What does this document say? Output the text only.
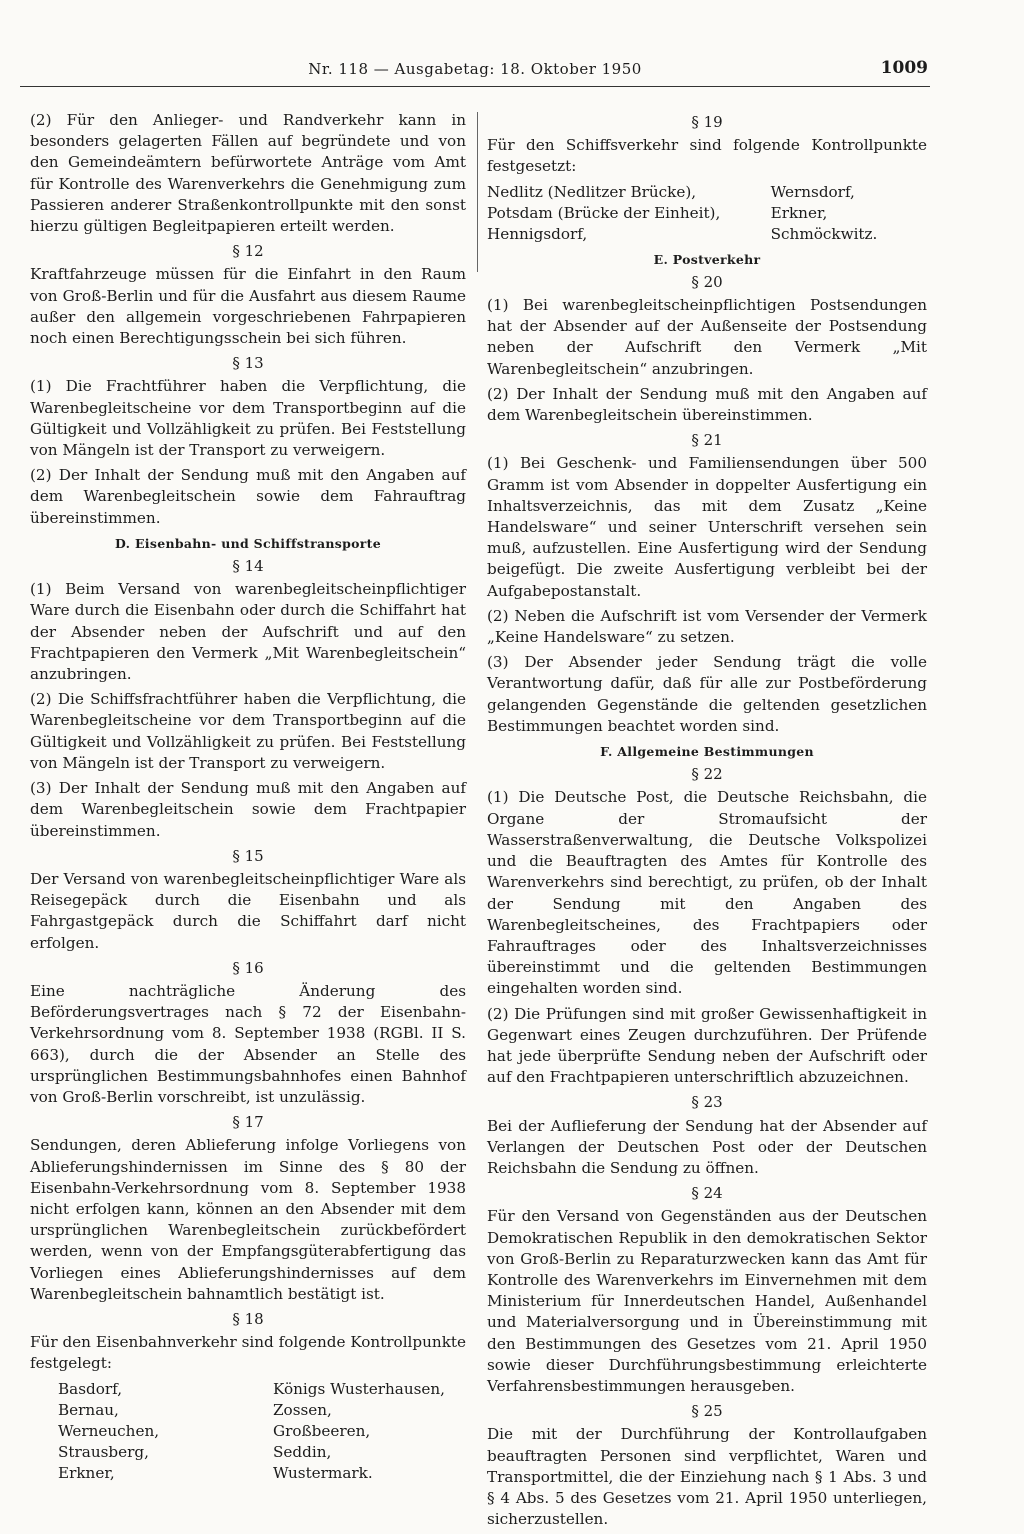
Nr. 118 — Ausgabetag: 18. Oktober 1950	1009

(2) Für den Anlieger- und Randverkehr kann in besonders gelagerten Fällen auf begründete und von den Gemeindeämtern befürwortete Anträge vom Amt für Kontrolle des Warenverkehrs die Genehmigung zum Passieren anderer Straßenkontrollpunkte mit den sonst hierzu gültigen Begleitpapieren erteilt werden.

§ 12

Kraftfahrzeuge müssen für die Einfahrt in den Raum von Groß-Berlin und für die Ausfahrt aus diesem Raume außer den allgemein vorgeschriebenen Fahrpapieren noch einen Berechtigungsschein bei sich führen.

§ 13

(1) Die Frachtführer haben die Verpflichtung, die Warenbegleitscheine vor dem Transportbeginn auf die Gültigkeit und Vollzähligkeit zu prüfen. Bei Feststellung von Mängeln ist der Transport zu verweigern.

(2) Der Inhalt der Sendung muß mit den Angaben auf dem Warenbegleitschein sowie dem Fahrauftrag übereinstimmen.

D. Eisenbahn- und Schiffstransporte
§ 14

(1) Beim Versand von warenbegleitscheinpflichtiger Ware durch die Eisenbahn oder durch die Schiffahrt hat der Absender neben der Aufschrift und auf den Frachtpapieren den Vermerk „Mit Warenbegleitschein“ anzubringen.

(2) Die Schiffsfrachtführer haben die Verpflichtung, die Warenbegleitscheine vor dem Transportbeginn auf die Gültigkeit und Vollzähligkeit zu prüfen. Bei Feststellung von Mängeln ist der Transport zu verweigern.

(3) Der Inhalt der Sendung muß mit den Angaben auf dem Warenbegleitschein sowie dem Frachtpapier übereinstimmen.

§ 15

Der Versand von warenbegleitscheinpflichtiger Ware als Reisegepäck durch die Eisenbahn und als Fahrgastgepäck durch die Schiffahrt darf nicht erfolgen.

§ 16

Eine nachträgliche Änderung des Beförderungsvertrages nach § 72 der Eisenbahn-Verkehrsordnung vom 8. September 1938 (RGBl. II S. 663), durch die der Absender an Stelle des ursprünglichen Bestimmungsbahnhofes einen Bahnhof von Groß-Berlin vorschreibt, ist unzulässig.

§ 17

Sendungen, deren Ablieferung infolge Vorliegens von Ablieferungshindernissen im Sinne des § 80 der Eisenbahn-Verkehrsordnung vom 8. September 1938 nicht erfolgen kann, können an den Absender mit dem ursprünglichen Warenbegleitschein zurückbefördert werden, wenn von der Empfangsgüterabfertigung das Vorliegen eines Ablieferungshindernisses auf dem Warenbegleitschein bahnamtlich bestätigt ist.

§ 18

Für den Eisenbahnverkehr sind folgende Kontrollpunkte festgelegt:

Basdorf,	Königs Wusterhausen,
Bernau,	Zossen,
Werneuchen,	Großbeeren,
Strausberg,	Seddin,
Erkner,	Wustermark.
§ 19

Für den Schiffsverkehr sind folgende Kontrollpunkte festgesetzt:

Nedlitz (Nedlitzer Brücke),	Wernsdorf,
Potsdam (Brücke der Einheit),	Erkner,
Hennigsdorf,	Schmöckwitz.
E. Postverkehr
§ 20

(1) Bei warenbegleitscheinpflichtigen Postsendungen hat der Absender auf der Außenseite der Postsendung neben der Aufschrift den Vermerk „Mit Warenbegleitschein“ anzubringen.

(2) Der Inhalt der Sendung muß mit den Angaben auf dem Warenbegleitschein übereinstimmen.

§ 21

(1) Bei Geschenk- und Familiensendungen über 500 Gramm ist vom Absender in doppelter Ausfertigung ein Inhaltsverzeichnis, das mit dem Zusatz „Keine Handelsware“ und seiner Unterschrift versehen sein muß, aufzustellen. Eine Ausfertigung wird der Sendung beigefügt. Die zweite Ausfertigung verbleibt bei der Aufgabepostanstalt.

(2) Neben die Aufschrift ist vom Versender der Vermerk „Keine Handelsware“ zu setzen.

(3) Der Absender jeder Sendung trägt die volle Verantwortung dafür, daß für alle zur Postbeförderung gelangenden Gegenstände die geltenden gesetzlichen Bestimmungen beachtet worden sind.

F. Allgemeine Bestimmungen
§ 22

(1) Die Deutsche Post, die Deutsche Reichsbahn, die Organe der Stromaufsicht der Wasserstraßenverwaltung, die Deutsche Volkspolizei und die Beauftragten des Amtes für Kontrolle des Warenverkehrs sind berechtigt, zu prüfen, ob der Inhalt der Sendung mit den Angaben des Warenbegleitscheines, des Frachtpapiers oder Fahrauftrages oder des Inhaltsverzeichnisses übereinstimmt und die geltenden Bestimmungen eingehalten worden sind.

(2) Die Prüfungen sind mit großer Gewissenhaftigkeit in Gegenwart eines Zeugen durchzuführen. Der Prüfende hat jede überprüfte Sendung neben der Aufschrift oder auf den Frachtpapieren unterschriftlich abzuzeichnen.

§ 23

Bei der Auflieferung der Sendung hat der Absender auf Verlangen der Deutschen Post oder der Deutschen Reichsbahn die Sendung zu öffnen.

§ 24

Für den Versand von Gegenständen aus der Deutschen Demokratischen Republik in den demokratischen Sektor von Groß-Berlin zu Reparaturzwecken kann das Amt für Kontrolle des Warenverkehrs im Einvernehmen mit dem Ministerium für Innerdeutschen Handel, Außenhandel und Materialversorgung und in Übereinstimmung mit den Bestimmungen des Gesetzes vom 21. April 1950 sowie dieser Durchführungsbestimmung erleichterte Verfahrensbestimmungen herausgeben.

§ 25

Die mit der Durchführung der Kontrollaufgaben beauftragten Personen sind verpflichtet, Waren und Transportmittel, die der Einziehung nach § 1 Abs. 3 und § 4 Abs. 5 des Gesetzes vom 21. April 1950 unterliegen, sicherzustellen.
